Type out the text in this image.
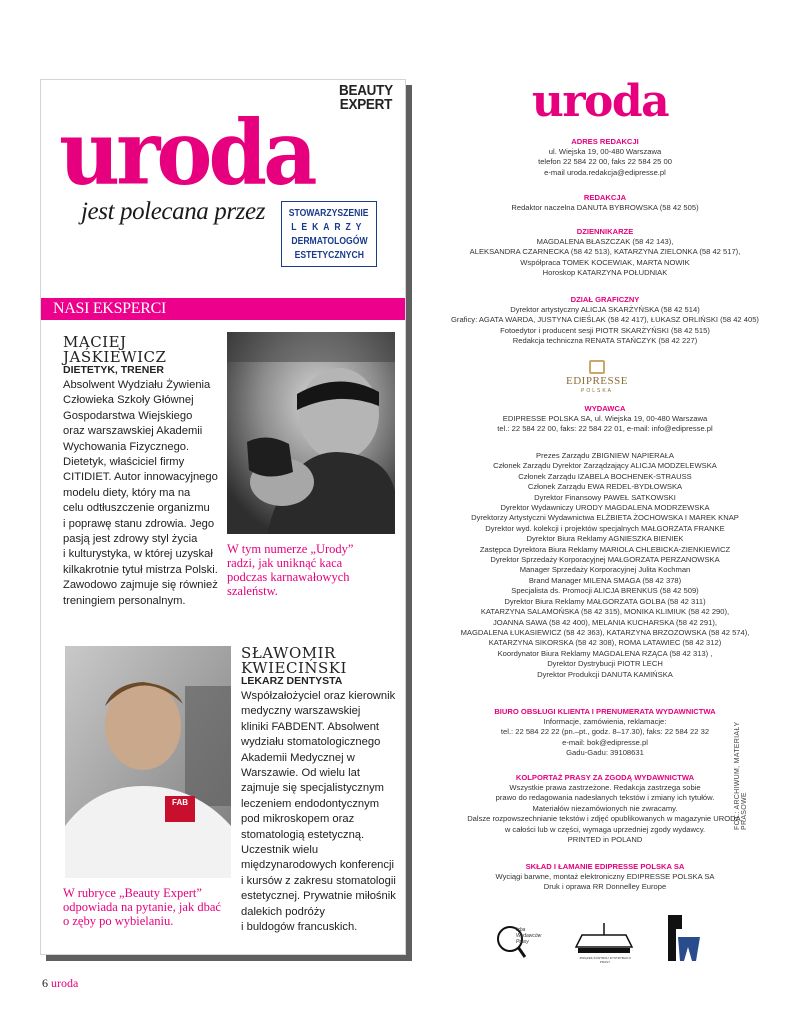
BEAUTY
EXPERT
uroda
jest polecana przez STOWARZYSZENIE
LEKARZY
DERMATOLOGÓW
ESTETYCZNYCH
NASI EKSPERCI
MACIEJ
JAŚKIEWICZ
DIETETYK, TRENER
Absolwent Wydziału Żywienia
Człowieka Szkoły Głównej
Gospodarstwa Wiejskiego
oraz warszawskiej Akademii
Wychowania Fizycznego.
Dietetyk, właściciel firmy
CITIDIET. Autor innowacyjnego
modelu diety, który ma na
celu odtłuszczenie organizmu
i poprawę stanu zdrowia. Jego
pasją jest zdrowy styl życia
i kulturystyka, w której uzyskał
kilkakrotnie tytuł mistrza Polski.
Zawodowo zajmuje się również
treningiem personalnym.
W tym numerze „Urody”
radzi, jak uniknąć kaca
podczas karnawałowych
szaleństw.
FAB
W rubryce „Beauty Expert”
odpowiada na pytanie, jak dbać
o zęby po wybielaniu.
SŁAWOMIR
KWIECIŃSKI
LEKARZ DENTYSTA
Współzałożyciel oraz kierownik
medyczny warszawskiej
kliniki FABDENT. Absolwent
wydziału stomatologicznego
Akademii Medycznej w
Warszawie. Od wielu lat
zajmuje się specjalistycznym
leczeniem endodontycznym
pod mikroskopem oraz
stomatologią estetyczną.
Uczestnik wielu
międzynarodowych konferencji
i kursów z zakresu stomatologii
estetycznej. Prywatnie miłośnik
dalekich podróży
i buldogów francuskich.
uroda
ADRES REDAKCJI
ul. Wiejska 19, 00-480 Warszawa
telefon 22 584 22 00, faks 22 584 25 00
e-mail uroda.redakcja@edipresse.pl
REDAKCJA
Redaktor naczelna DANUTA BYBROWSKA (58 42 505)
DZIENNIKARZE
MAGDALENA BŁASZCZAK (58 42 143),
ALEKSANDRA CZARNECKA (58 42 513), KATARZYNA ZIELONKA (58 42 517),
Współpraca TOMEK KOCEWIAK, MARTA NOWIK
Horoskop KATARZYNA POŁUDNIAK
DZIAŁ GRAFICZNY
Dyrektor artystyczny ALICJA SKARŻYŃSKA (58 42 514)
Graficy: AGATA WARDA, JUSTYNA CIEŚLAK (58 42 417), ŁUKASZ ORLIŃSKI (58 42 405)
Fotoedytor i producent sesji PIOTR SKARŻYŃSKI (58 42 515)
Redakcja techniczna RENATA STAŃCZYK (58 42 227)
EDIPRESSE
POLSKA
WYDAWCA
EDIPRESSE POLSKA SA, ul. Wiejska 19, 00-480 Warszawa
tel.: 22 584 22 00, faks: 22 584 22 01, e-mail: info@edipresse.pl
Prezes Zarządu ZBIGNIEW NAPIERAŁA
Członek Zarządu Dyrektor Zarządzający ALICJA MODZELEWSKA
Członek Zarządu IZABELA BOCHENEK-STRAUSS
Członek Zarządu EWA REDEL-BYDŁOWSKA
Dyrektor Finansowy PAWEŁ SATKOWSKI
Dyrektor Wydawniczy URODY MAGDALENA MODRZEWSKA
Dyrektorzy Artystyczni Wydawnictwa ELŻBIETA ŻOCHOWSKA I MAREK KNAP
Dyrektor wyd. kolekcji i projektów specjalnych MAŁGORZATA FRANKE
Dyrektor Biura Reklamy AGNIESZKA BIENIEK
Zastępca Dyrektora Biura Reklamy MARIOLA CHLEBICKA-ZIENKIEWICZ
Dyrektor Sprzedaży Korporacyjnej MAŁGORZATA PERZANOWSKA
Manager Sprzedaży Korporacyjnej Julita Kochman
Brand Manager MILENA SMAGA (58 42 378)
Specjalista ds. Promocji ALICJA BRENKUS (58 42 509)
Dyrektor Biura Reklamy MAŁGORZATA GOLBA (58 42 311)
KATARZYNA SALAMOŃSKA (58 42 315), MONIKA KLIMIUK (58 42 290),
JOANNA SAWA (58 42 400), MELANIA KUCHARSKA (58 42 291),
MAGDALENA ŁUKASIEWICZ (58 42 363), KATARZYNA BRZOZOWSKA (58 42 574),
KATARZYNA SIKORSKA (58 42 308), ROMA LATAWIEC (58 42 312)
Koordynator Biura Reklamy MAGDALENA RZĄCA (58 42 313) ,
Dyrektor Dystrybucji PIOTR LECH
Dyrektor Produkcji DANUTA KAMIŃSKA
BIURO OBSŁUGI KLIENTA I PRENUMERATA WYDAWNICTWA
Informacje, zamówienia, reklamacje:
tel.: 22 584 22 22 (pn.–pt., godz. 8–17.30), faks: 22 584 22 32
e-mail: bok@edipresse.pl
Gadu-Gadu: 39108631
KOLPORTAŻ PRASY ZA ZGODĄ WYDAWNICTWA
Wszystkie prawa zastrzeżone. Redakcja zastrzega sobie
prawo do redagowania nadesłanych tekstów i zmiany ich tytułów.
Materiałów niezamówionych nie zwracamy.
Dalsze rozpowszechnianie tekstów i zdjęć opublikowanych w magazynie URODA,
w całości lub w części, wymaga uprzedniej zgody wydawcy.
PRINTED in POLAND
SKŁAD I ŁAMANIE EDIPRESSE POLSKA SA
Wyciągi barwne, montaż elektroniczny EDIPRESSE POLSKA SA
Druk i oprawa RR Donnelley Europe
Izba
Wydawców
Prasy
ZWIĄZEK KONTROLI DYSTRYBUCJI PRASY
FOT.: ARCHIWUM, MATERIAŁY PRASOWE
6 uroda
